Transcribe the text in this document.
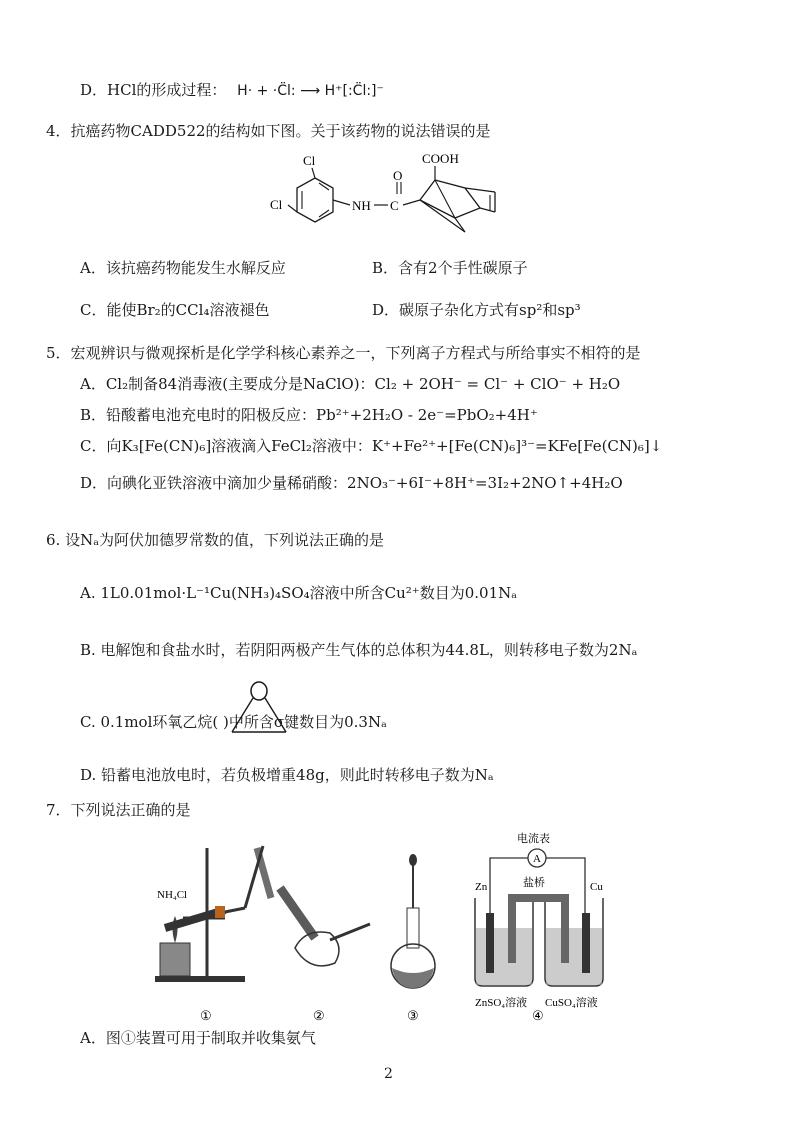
D．HCl的形成过程： H· + ·C̈l: ⟶ H⁺[:C̈l:]⁻
4．抗癌药物CADD522的结构如下图。关于该药物的说法错误的是
Cl
Cl	NH C
O
COOH
A．该抗癌药物能发生水解反应	B．含有2个手性碳原子
C．能使Br₂的CCl₄溶液褪色	D．碳原子杂化方式有sp²和sp³
5．宏观辨识与微观探析是化学学科核心素养之一，下列离子方程式与所给事实不相符的是
A．Cl₂制备84消毒液(主要成分是NaClO)：Cl₂ + 2OH⁻ = Cl⁻ + ClO⁻ + H₂O
B．铅酸蓄电池充电时的阳极反应：Pb²⁺+2H₂O - 2e⁻=PbO₂+4H⁺
C．向K₃[Fe(CN)₆]溶液滴入FeCl₂溶液中：K⁺+Fe²⁺+[Fe(CN)₆]³⁻=KFe[Fe(CN)₆]↓
D．向碘化亚铁溶液中滴加少量稀硝酸：2NO₃⁻+6I⁻+8H⁺=3I₂+2NO↑+4H₂O
6. 设Nₐ为阿伏加德罗常数的值，下列说法正确的是
A. 1L0.01mol·L⁻¹Cu(NH₃)₄SO₄溶液中所含Cu²⁺数目为0.01Nₐ
B. 电解饱和食盐水时，若阴阳两极产生气体的总体积为44.8L，则转移电子数为2Nₐ
C. 0.1mol环氧乙烷( )中所含σ键数目为0.3Nₐ
D. 铅蓄电池放电时，若负极增重48g，则此时转移电子数为Nₐ
7．下列说法正确的是
NH₄Cl
电流表
A
Zn	Cu
盐桥
ZnSO₄溶液 CuSO₄溶液
①	②	③	④
A．图①装置可用于制取并收集氨气
2
